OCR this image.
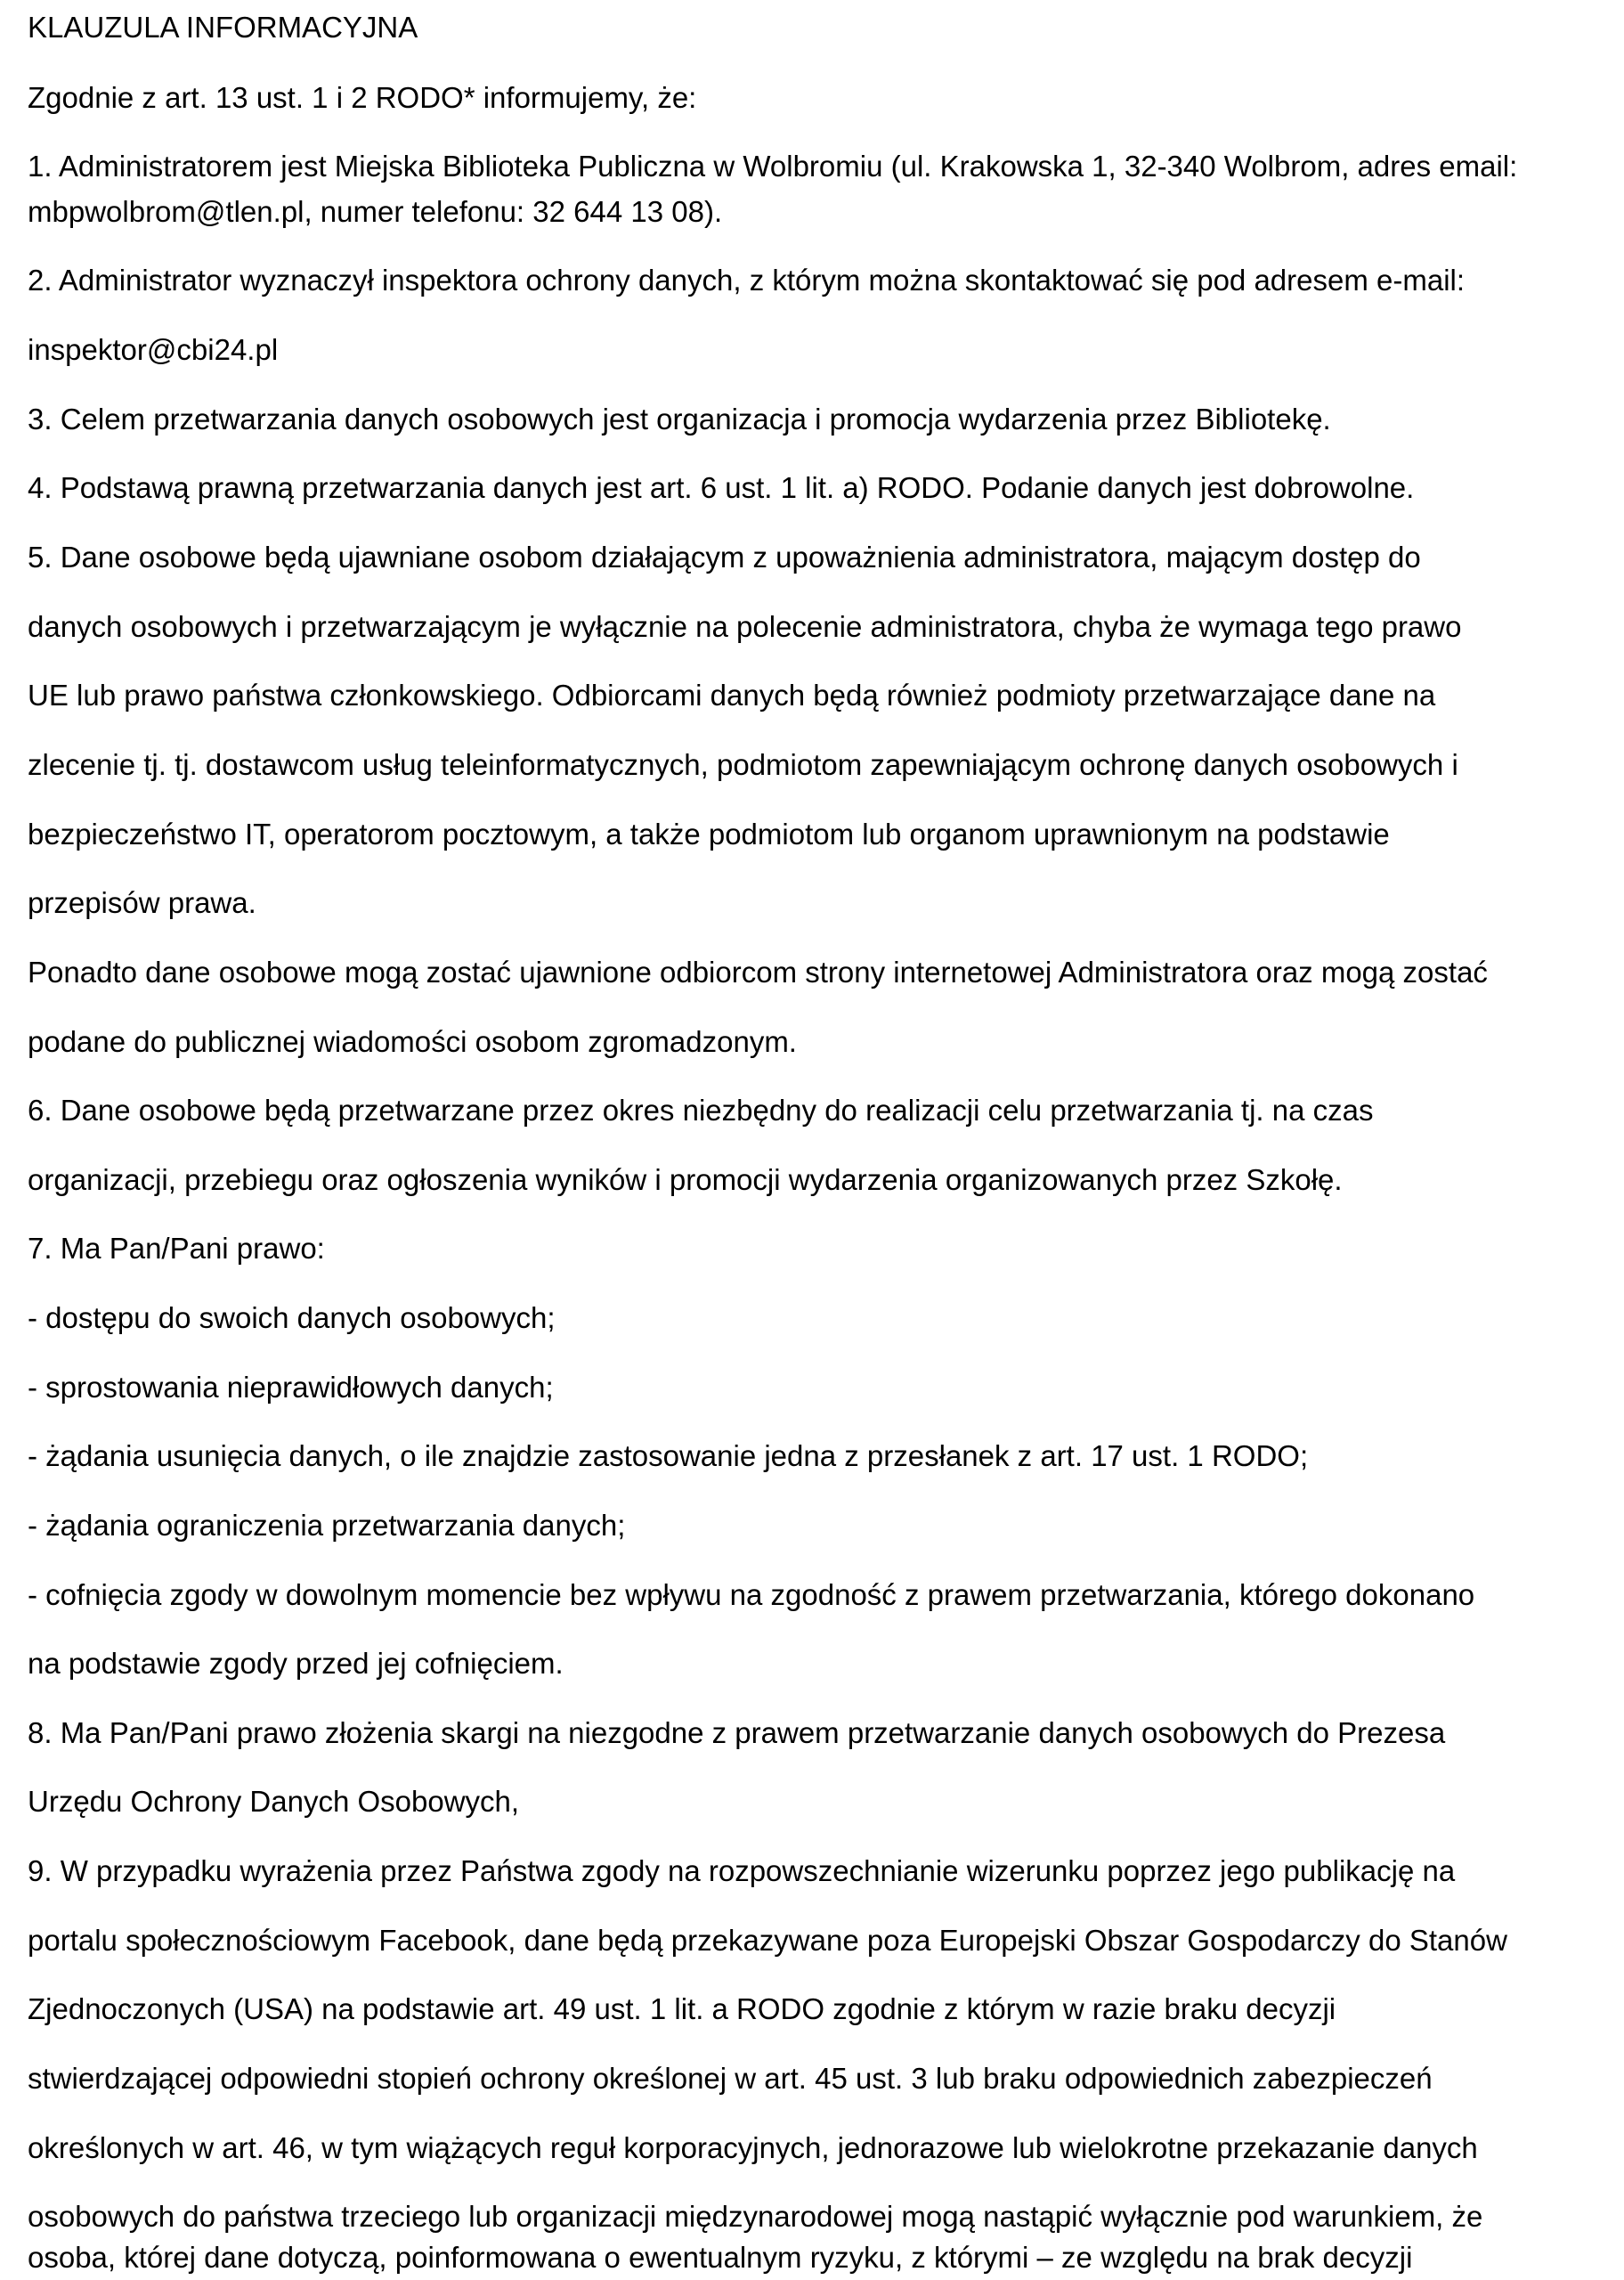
KLAUZULA INFORMACYJNA
Zgodnie z art. 13 ust. 1 i 2 RODO* informujemy, że:
1. Administratorem jest Miejska Biblioteka Publiczna w Wolbromiu (ul. Krakowska 1, 32-340 Wolbrom, adres email:
mbpwolbrom@tlen.pl, numer telefonu: 32 644 13 08).
2. Administrator wyznaczył inspektora ochrony danych, z którym można skontaktować się pod adresem e-mail:
inspektor@cbi24.pl
3. Celem przetwarzania danych osobowych jest organizacja i promocja wydarzenia przez Bibliotekę.
4. Podstawą prawną przetwarzania danych jest art. 6 ust. 1 lit. a) RODO. Podanie danych jest dobrowolne.
5. Dane osobowe będą ujawniane osobom działającym z upoważnienia administratora, mającym dostęp do
danych osobowych i przetwarzającym je wyłącznie na polecenie administratora, chyba że wymaga tego prawo
UE lub prawo państwa członkowskiego. Odbiorcami danych będą również podmioty przetwarzające dane na
zlecenie tj. tj. dostawcom usług teleinformatycznych, podmiotom zapewniającym ochronę danych osobowych i
bezpieczeństwo IT, operatorom pocztowym, a także podmiotom lub organom uprawnionym na podstawie
przepisów prawa.
Ponadto dane osobowe mogą zostać ujawnione odbiorcom strony internetowej Administratora oraz mogą zostać
podane do publicznej wiadomości osobom zgromadzonym.
6. Dane osobowe będą przetwarzane przez okres niezbędny do realizacji celu przetwarzania tj. na czas
organizacji, przebiegu oraz ogłoszenia wyników i promocji wydarzenia organizowanych przez Szkołę.
7. Ma Pan/Pani prawo:
- dostępu do swoich danych osobowych;
- sprostowania nieprawidłowych danych;
- żądania usunięcia danych, o ile znajdzie zastosowanie jedna z przesłanek z art. 17 ust. 1 RODO;
- żądania ograniczenia przetwarzania danych;
- cofnięcia zgody w dowolnym momencie bez wpływu na zgodność z prawem przetwarzania, którego dokonano
na podstawie zgody przed jej cofnięciem.
8. Ma Pan/Pani prawo złożenia skargi na niezgodne z prawem przetwarzanie danych osobowych do Prezesa
Urzędu Ochrony Danych Osobowych,
9. W przypadku wyrażenia przez Państwa zgody na rozpowszechnianie wizerunku poprzez jego publikację na
portalu społecznościowym Facebook, dane będą przekazywane poza Europejski Obszar Gospodarczy do Stanów
Zjednoczonych (USA) na podstawie art. 49 ust. 1 lit. a RODO zgodnie z którym w razie braku decyzji
stwierdzającej odpowiedni stopień ochrony określonej w art. 45 ust. 3 lub braku odpowiednich zabezpieczeń
określonych w art. 46, w tym wiążących reguł korporacyjnych, jednorazowe lub wielokrotne przekazanie danych
osobowych do państwa trzeciego lub organizacji międzynarodowej mogą nastąpić wyłącznie pod warunkiem, że
osoba, której dane dotyczą, poinformowana o ewentualnym ryzyku, z którymi – ze względu na brak decyzji
